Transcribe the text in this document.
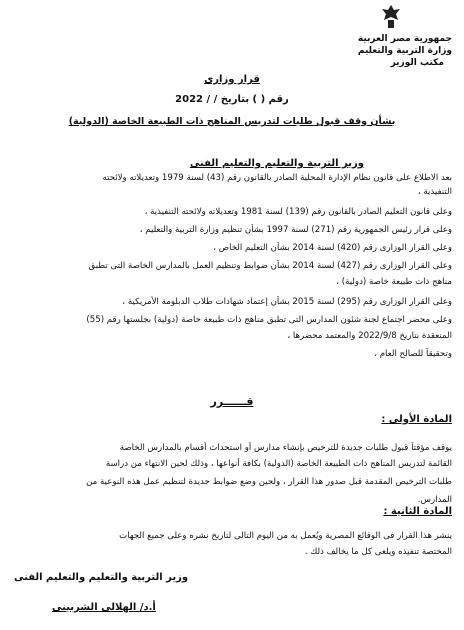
جمهورية مصر العربية
وزارة التربية والتعليم
مكتب الوزير
قرار وزارى
رقم ( ) بتاريخ / / 2022
بشأن وقف قبول طلبات لتدريس المناهج ذات الطبيعة الخاصة (الدولية)
وزير التربية والتعليم والتعليم الفنى
بعد الاطلاع على قانون نظام الإدارة المحلية الصادر بالقانون رقم (43) لسنة 1979 وتعديلاته ولائحته
التنفيذية ،
وعلى قانون التعليم الصادر بالقانون رقم (139) لسنة 1981 وتعديلاته ولائحته التنفيذية ،
وعلى قرار رئيس الجمهورية رقم (271) لسنة 1997 بشأن تنظيم وزارة التربية والتعليم ،
وعلى القرار الوزارى رقم (420) لسنة 2014 بشأن التعليم الخاص ،
وعلى القرار الوزارى رقم (427) لسنة 2014 بشأن ضوابط وتنظيم العمل بالمدارس الخاصة التى تطبق
مناهج ذات طبيعة خاصة (دولية) ،
وعلى القرار الوزارى رقم (295) لسنة 2015 بشأن إعتماد شهادات طلاب الدبلومة الأمريكية ،
وعلى محضر اجتماع لجنة شئون المدارس التى تطبق مناهج ذات طبيعة خاصة (دولية) بجلستها رقم (55)
المنعقدة بتاريخ 2022/9/8 والمعتمد محضرها ،
وتحقيقاً للصالح العام ،
قــــــرر
المادة الأولى :
يوقف مؤقتاً قبول طلبات جديدة للترخيص بإنشاء مدارس أو استحداث أقسام بالمدارس الخاصة
القائمة لتدريس المناهج ذات الطبيعة الخاصة (الدولية) بكافة أنواعها ، وذلك لحين الانتهاء من دراسة
طلبات الترخيص المقدمة قبل صدور هذا القرار ، ولحين وضع ضوابط جديدة لتنظيم عمل هذه النوعية من
المدارس.
المادة الثانية :
ينشر هذا القرار فى الوقائع المصرية ويُعمل به من اليوم التالى لتاريخ نشره وعلى جميع الجهات
المختصة تنفيذه ويلغى كل ما يخالف ذلك .
وزير التربية والتعليم والتعليم الفنى
أ.د/ الهلالى الشربينى
